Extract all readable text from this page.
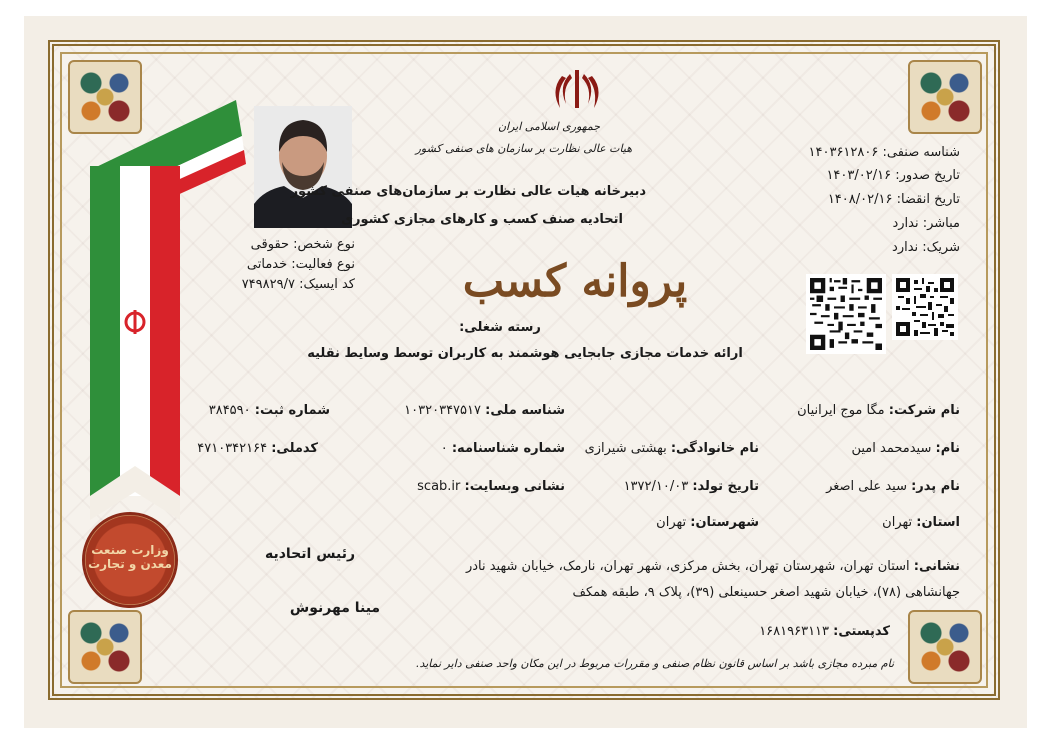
وزارت صنعت معدن و تجارت
جمهوری اسلامی ایران
هیات عالی نظارت بر سازمان های صنفی کشور
دبیرخانه هیات عالی نظارت بر سازمان‌های صنفی کشور
اتحادیه صنف کسب و کارهای مجازی کشوری
پروانه کسب
رسته شغلی:
ارائه خدمات مجازی جابجایی هوشمند به کاربران توسط وسایط نقلیه
شناسه صنفی: ۱۴۰۳۶۱۲۸۰۶
تاریخ صدور: ۱۴۰۳/۰۲/۱۶
تاریخ انقضا: ۱۴۰۸/۰۲/۱۶
مباشر: ندارد
شریک: ندارد
نوع شخص: حقوقی
نوع فعالیت: خدماتی
کد ایسیک: ۷۴۹۸۲۹/۷
نام شرکت: مگا موج ایرانیان
شناسه ملی: ۱۰۳۲۰۳۴۷۵۱۷
شماره ثبت: ۳۸۴۵۹۰
نام: سیدمحمد امین
نام خانوادگی: بهشتی شیرازی
شماره شناسنامه: ۰
کدملی: ۴۷۱۰۳۴۲۱۶۴
نام پدر: سید علی اصغر
تاریخ تولد: ۱۳۷۲/۱۰/۰۳
نشانی وبسایت: scab.ir
استان: تهران
شهرستان: تهران
نشانی: استان تهران، شهرستان تهران، بخش مرکزی، شهر تهران، نارمک، خیابان شهید نادر
جهانشاهی (۷۸)، خیابان شهید اصغر حسینعلی (۳۹)، پلاک ۹، طبقه همکف
کدپستی: ۱۶۸۱۹۶۳۱۱۳
رئیس اتحادیه
مینا مهرنوش
نام مبرده مجازی باشد بر اساس قانون نظام صنفی و مقررات مربوط در این مکان واحد صنفی دایر نماید.
